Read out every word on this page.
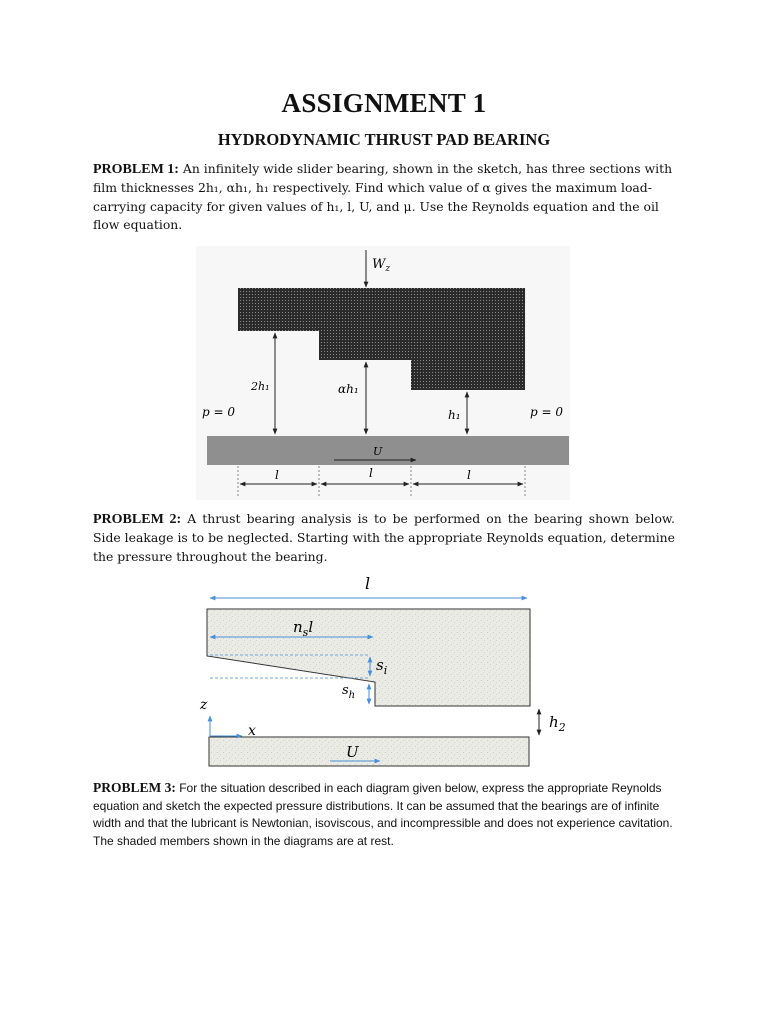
ASSIGNMENT 1
HYDRODYNAMIC THRUST PAD BEARING
PROBLEM 1: An infinitely wide slider bearing, shown in the sketch, has three sections with film thicknesses 2h₁, αh₁, h₁ respectively. Find which value of α gives the maximum load-carrying capacity for given values of h₁, l, U, and μ. Use the Reynolds equation and the oil flow equation.
$W_z$
2h₁	αh₁
h₁
p = 0	p = 0
U
l	l	l
l
$n_sl$
$s_i$
$s_h$
z
x	$h_2$
U
PROBLEM 2: A thrust bearing analysis is to be performed on the bearing shown below. Side leakage is to be neglected. Starting with the appropriate Reynolds equation, determine the pressure throughout the bearing.
PROBLEM 3: For the situation described in each diagram given below, express the appropriate Reynolds equation and sketch the expected pressure distributions. It can be assumed that the bearings are of infinite width and that the lubricant is Newtonian, isoviscous, and incompressible and does not experience cavitation. The shaded members shown in the diagrams are at rest.
